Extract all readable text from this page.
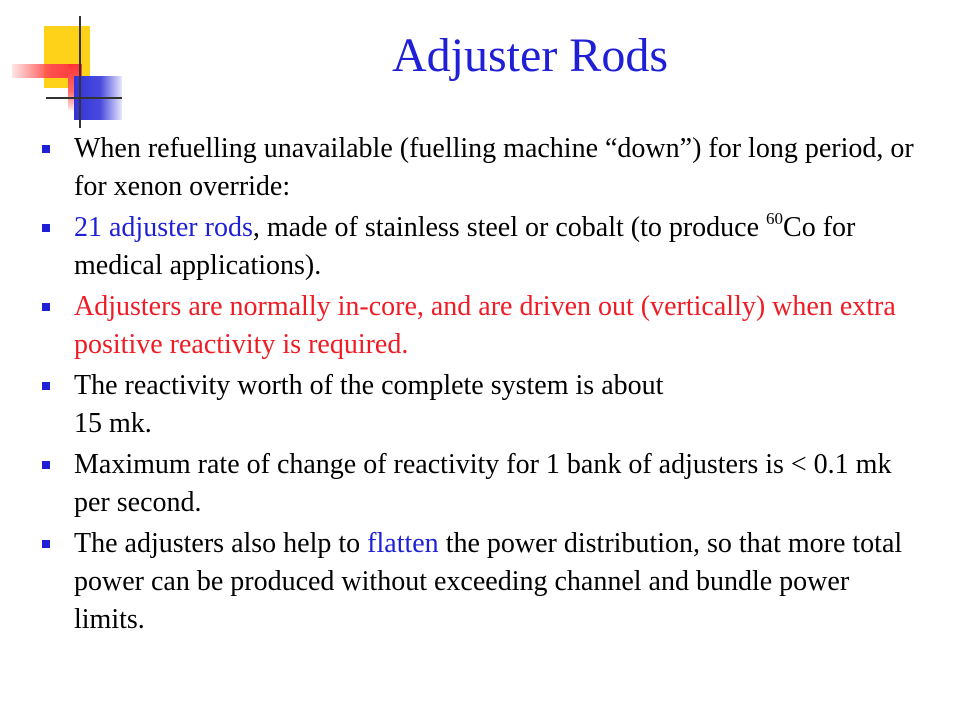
Adjuster Rods
When refuelling unavailable (fuelling machine “down”) for long period, or for xenon override:
21 adjuster rods, made of stainless steel or cobalt (to produce $^{60}$Co for medical applications).
Adjusters are normally in-core, and are driven out (vertically) when extra positive reactivity is required.
The reactivity worth of the complete system is about
15 mk.
Maximum rate of change of reactivity for 1 bank of adjusters is < 0.1 mk per second.
The adjusters also help to flatten the power distribution, so that more total power can be produced without exceeding channel and bundle power limits.
